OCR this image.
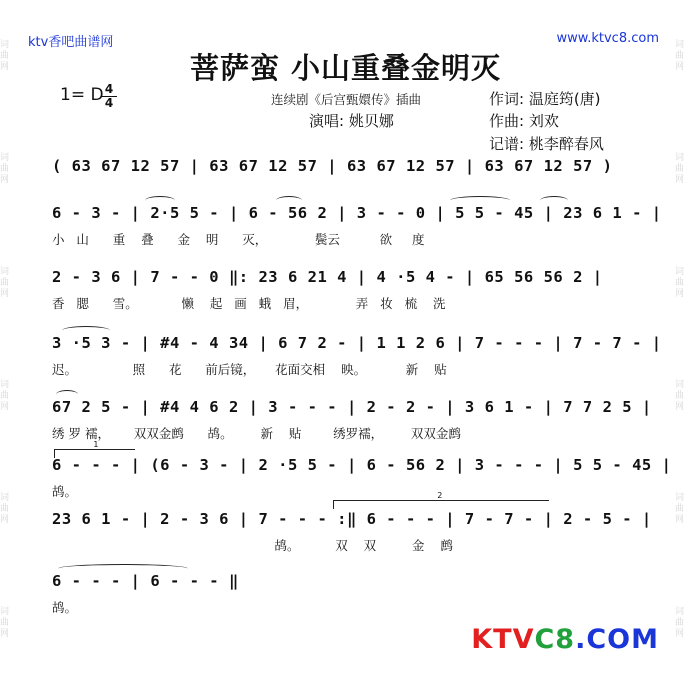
词曲网
词曲网
词曲网
词曲网
词曲网
词曲网
词曲网
词曲网
词曲网
词曲网
词曲网
词曲网
ktv香吧曲谱网	www.ktvc8.com
菩萨蛮 小山重叠金明灭
1= D 4
4	连续剧《后宫甄嬛传》插曲
演唱: 姚贝娜
作词: 温庭筠(唐)
作曲: 刘欢
记谱: 桃李醉春风
( 63 67 12 57 | 63 67 12 57 | 63 67 12 57 | 63 67 12 57 )
6 - 3 - | 2·5 5 - | 6 - 56 2 | 3 - - 0 | 5 5 - 45 | 23 6 1 - |
小   山      重    叠      金    明      灭，            鬓云          欲     度
2 - 3 6 | 7 - - 0 ‖: 23 6 21 4 | 4 ·5 4 - | 65 56 56 2 |
香   腮      雪。           懒    起   画   蛾   眉，            弄   妆   梳    洗
3 ·5 3 - | #4 - 4 34 | 6 7 2 - | 1 1 2 6 | 7 - - - | 7 - 7 - |
迟。              照      花      前后镜，     花面交相    映。          新    贴
67 2 5 - | #4 4 6 2 | 3 - - - | 2 - 2 - | 3 6 1 - | 7 7 2 5 |
绣 罗 襦，      双双金鹧      鸪。       新    贴        绣罗襦，       双双金鹧
1
6 - - - | (6 - 3 - | 2 ·5 5 - | 6 - 56 2 | 3 - - - | 5 5 - 45 |
鸪。	2
23 6 1 - | 2 - 3 6 | 7 - - - :‖ 6 - - - | 7 - 7 - | 2 - 5 - |
鸪。         双    双         金    鹧
6 - - - | 6 - - - ‖
鸪。
KTVC8.COM
